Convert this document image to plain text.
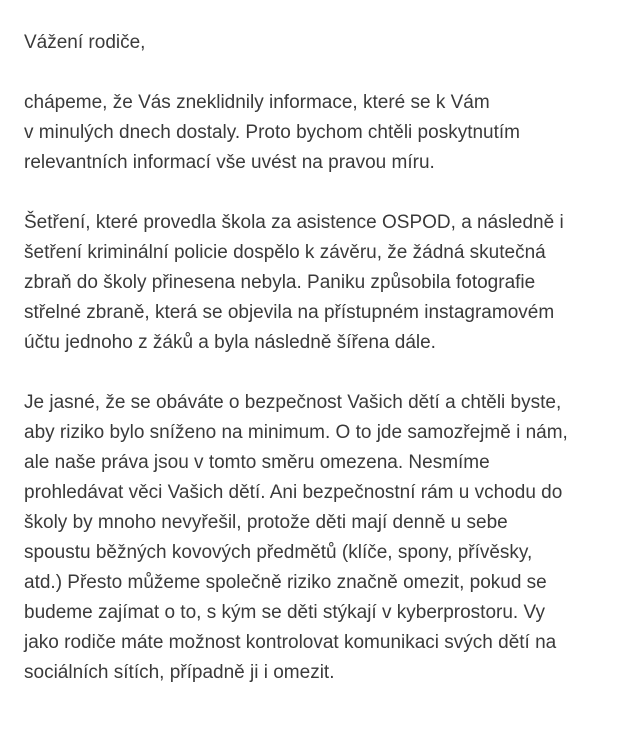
Vážení rodiče,
chápeme, že Vás zneklidnily informace, které se k Vám
v minulých dnech dostaly. Proto bychom chtěli poskytnutím
relevantních informací vše uvést na pravou míru.
Šetření, které provedla škola za asistence OSPOD, a následně i
šetření kriminální policie dospělo k závěru, že žádná skutečná
zbraň do školy přinesena nebyla. Paniku způsobila fotografie
střelné zbraně, která se objevila na přístupném instagramovém
účtu jednoho z žáků a byla následně šířena dále.
Je jasné, že se obáváte o bezpečnost Vašich dětí a chtěli byste,
aby riziko bylo sníženo na minimum. O to jde samozřejmě i nám,
ale naše práva jsou v tomto směru omezena. Nesmíme
prohledávat věci Vašich dětí. Ani bezpečnostní rám u vchodu do
školy by mnoho nevyřešil, protože děti mají denně u sebe
spoustu běžných kovových předmětů (klíče, spony, přívěsky,
atd.) Přesto můžeme společně riziko značně omezit, pokud se
budeme zajímat o to, s kým se děti stýkají v kyberprostoru. Vy
jako rodiče máte možnost kontrolovat komunikaci svých dětí na
sociálních sítích, případně ji i omezit.
